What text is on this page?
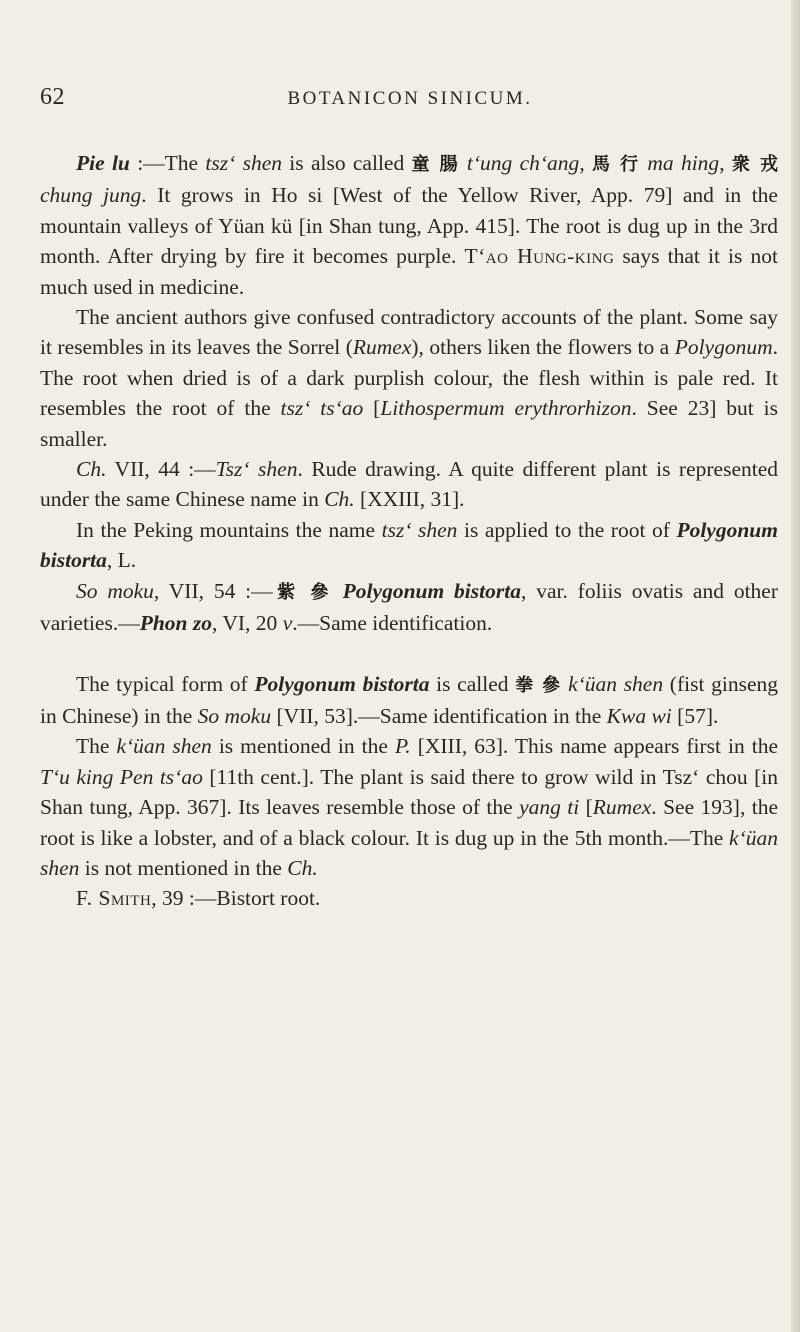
62	BOTANICON SINICUM.

Pie lu :—The tsz‘ shen is also called 童 腸 t‘ung ch‘ang, 馬 行 ma hing, 衆 戎 chung jung. It grows in Ho si [West of the Yellow River, App. 79] and in the mountain valleys of Yüan kü [in Shan tung, App. 415]. The root is dug up in the 3rd month. After drying by fire it becomes purple. T‘ao Hung-king says that it is not much used in medicine.

The ancient authors give confused contradictory accounts of the plant. Some say it resembles in its leaves the Sorrel (Rumex), others liken the flowers to a Polygonum. The root when dried is of a dark purplish colour, the flesh within is pale red. It resembles the root of the tsz‘ ts‘ao [Lithospermum erythrorhizon. See 23] but is smaller.

Ch. VII, 44 :—Tsz‘ shen. Rude drawing. A quite different plant is represented under the same Chinese name in Ch. [XXIII, 31].

In the Peking mountains the name tsz‘ shen is applied to the root of Polygonum bistorta, L.

So moku, VII, 54 :—紫 參 Polygonum bistorta, var. foliis ovatis and other varieties.—Phon zo, VI, 20 v.—Same identification.

The typical form of Polygonum bistorta is called 拳 參 k‘üan shen (fist ginseng in Chinese) in the So moku [VII, 53].—Same identification in the Kwa wi [57].

The k‘üan shen is mentioned in the P. [XIII, 63]. This name appears first in the T‘u king Pen ts‘ao [11th cent.]. The plant is said there to grow wild in Tsz‘ chou [in Shan tung, App. 367]. Its leaves resemble those of the yang ti [Rumex. See 193], the root is like a lobster, and of a black colour. It is dug up in the 5th month.—The k‘üan shen is not mentioned in the Ch.

F. Smith, 39 :—Bistort root.
